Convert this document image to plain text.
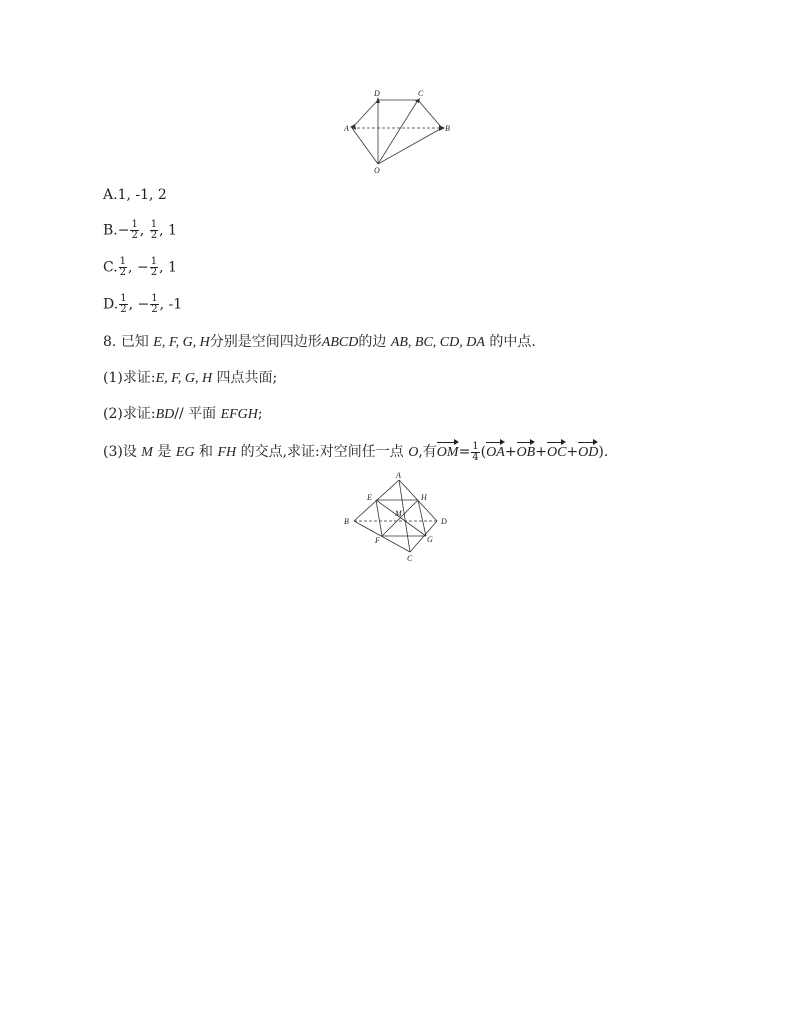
D	C
A	B
O
A.1, -1, 2
$B.- \frac{1}{2}$ , $\frac{1}{2}$ , 1
C. $\frac{1}{2}$ , − $\frac{1}{2}$ , 1
D. $\frac{1}{2}$ , − $\frac{1}{2}$ , -1
8. 已知 E, F, G, H分别是空间四边形ABCD的边 AB, BC, CD, DA 的中点.
(1)求证:E, F, G, H 四点共面;
(2)求证:BD// 平面 EFGH;
(3)设 M 是 EG 和 FH 的交点,求证:对空间任一点 O,有$OM= \frac{1}{4} (OA+OB+OC+OD)$.
A
E	H
M
B	D
F	G
C
